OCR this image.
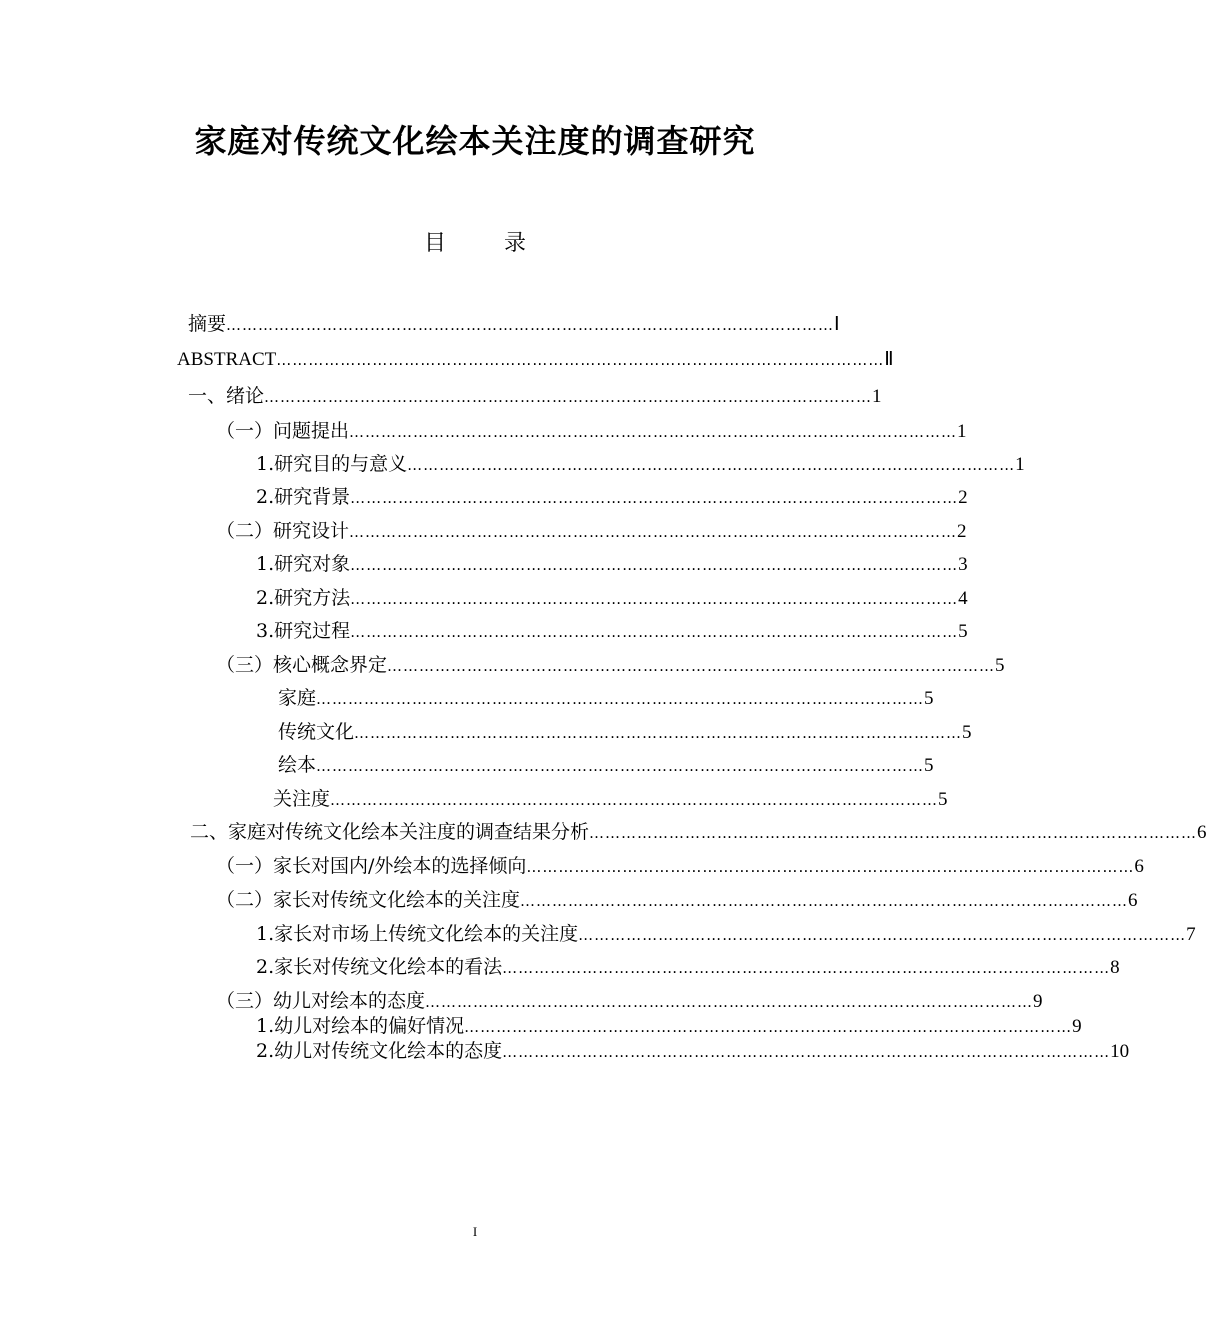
家庭对传统文化绘本关注度的调查研究
目	录
摘要 …………………………………………………………………………………………………… Ⅰ
ABSTRACT …………………………………………………………………………………………………… Ⅱ
一、绪论 …………………………………………………………………………………………………… 1
（一）问题提出 …………………………………………………………………………………………………… 1
1.研究目的与意义 …………………………………………………………………………………………………… 1
2.研究背景 …………………………………………………………………………………………………… 2
（二）研究设计 …………………………………………………………………………………………………… 2
1.研究对象 …………………………………………………………………………………………………… 3
2.研究方法 …………………………………………………………………………………………………… 4
3.研究过程 …………………………………………………………………………………………………… 5
（三）核心概念界定 …………………………………………………………………………………………………… 5
家庭 …………………………………………………………………………………………………… 5
传统文化 …………………………………………………………………………………………………… 5
绘本 …………………………………………………………………………………………………… 5
关注度 …………………………………………………………………………………………………… 5
二、家庭对传统文化绘本关注度的调查结果分析 …………………………………………………………………………………………………… 6
（一）家长对国内/外绘本的选择倾向 …………………………………………………………………………………………………… 6
（二）家长对传统文化绘本的关注度 …………………………………………………………………………………………………… 6
1.家长对市场上传统文化绘本的关注度 …………………………………………………………………………………………………… 7
2.家长对传统文化绘本的看法 …………………………………………………………………………………………………… 8
（三）幼儿对绘本的态度 …………………………………………………………………………………………………… 9
1.幼儿对绘本的偏好情况 …………………………………………………………………………………………………… 9
2.幼儿对传统文化绘本的态度 …………………………………………………………………………………………………… 10
I
